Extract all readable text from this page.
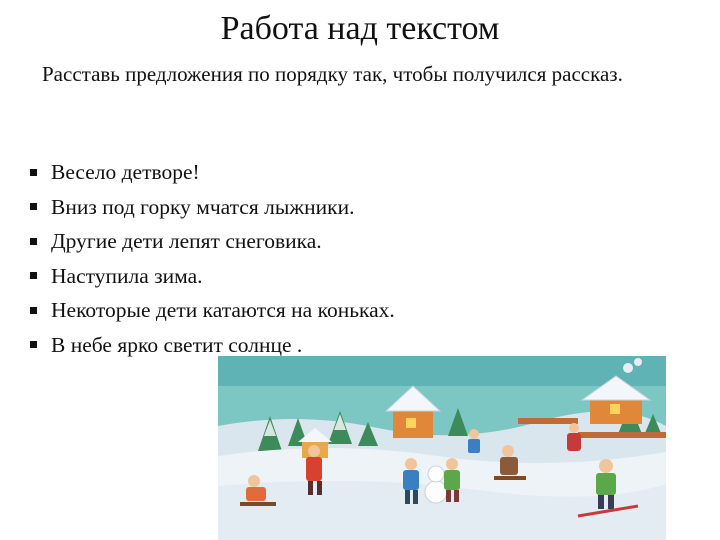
Работа над текстом
Расставь предложения по порядку так, чтобы получился рассказ.
Весело детворе!
Вниз под горку мчатся лыжники.
Другие дети лепят снеговика.
Наступила зима.
Некоторые дети катаются на коньках.
В небе ярко светит солнце .
